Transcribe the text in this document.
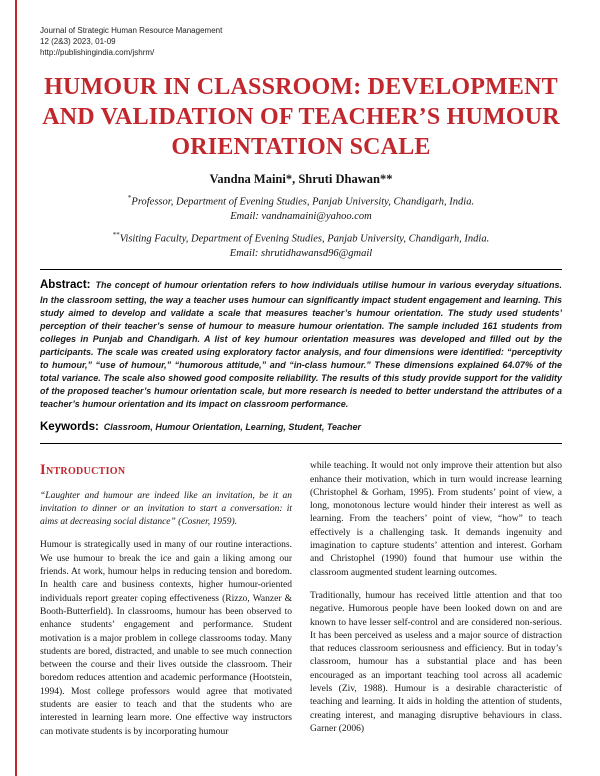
Journal of Strategic Human Resource Management
12 (2&3) 2023, 01-09
http://publishingindia.com/jshrm/
HUMOUR IN CLASSROOM: DEVELOPMENT AND VALIDATION OF TEACHER’S HUMOUR ORIENTATION SCALE
Vandna Maini*, Shruti Dhawan**
*Professor, Department of Evening Studies, Panjab University, Chandigarh, India.
Email: vandnamaini@yahoo.com
**Visiting Faculty, Department of Evening Studies, Panjab University, Chandigarh, India.
Email: shrutidhawansd96@gmail

Abstract: The concept of humour orientation refers to how individuals utilise humour in various everyday situations. In the classroom setting, the way a teacher uses humour can significantly impact student engagement and learning. This study aimed to develop and validate a scale that measures teacher’s humour orientation. The study used students’ perception of their teacher’s sense of humour to measure humour orientation. The sample included 161 students from colleges in Punjab and Chandigarh. A list of key humour orientation measures was developed and filled out by the participants. The scale was created using exploratory factor analysis, and four dimensions were identified: “perceptivity to humour,” “use of humour,” “humorous attitude,” and “in-class humour.” These dimensions explained 64.07% of the total variance. The scale also showed good composite reliability. The results of this study provide support for the validity of the proposed teacher’s humour orientation scale, but more research is needed to better understand the attributes of a teacher’s humour orientation and its impact on classroom performance.

Keywords: Classroom, Humour Orientation, Learning, Student, Teacher

Introduction

“Laughter and humour are indeed like an invitation, be it an invitation to dinner or an invitation to start a conversation: it aims at decreasing social distance” (Cosner, 1959).

Humour is strategically used in many of our routine interactions. We use humour to break the ice and gain a liking among our friends. At work, humour helps in reducing tension and boredom. In health care and business contexts, higher humour-oriented individuals report greater coping effectiveness (Rizzo, Wanzer & Booth-Butterfield). In classrooms, humour has been observed to enhance students’ engagement and performance. Student motivation is a major problem in college classrooms today. Many students are bored, distracted, and unable to see much connection between the course and their lives outside the classroom. Their boredom reduces attention and academic performance (Hootstein, 1994). Most college professors would agree that motivated students are easier to teach and that the students who are interested in learning learn more. One effective way instructors can motivate students is by incorporating humour

while teaching. It would not only improve their attention but also enhance their motivation, which in turn would increase learning (Christophel & Gorham, 1995). From students’ point of view, a long, monotonous lecture would hinder their interest as well as learning. From the teachers’ point of view, “how” to teach effectively is a challenging task. It demands ingenuity and imagination to capture students’ attention and interest. Gorham and Christophel (1990) found that humour use within the classroom augmented student learning outcomes.

Traditionally, humour has received little attention and that too negative. Humorous people have been looked down on and are known to have lesser self-control and are considered non-serious. It has been perceived as useless and a major source of distraction that reduces classroom seriousness and efficiency. But in today’s classroom, humour has a substantial place and has been encouraged as an important teaching tool across all academic levels (Ziv, 1988). Humour is a desirable characteristic of teaching and learning. It aids in holding the attention of students, creating interest, and managing disruptive behaviours in class. Garner (2006)
